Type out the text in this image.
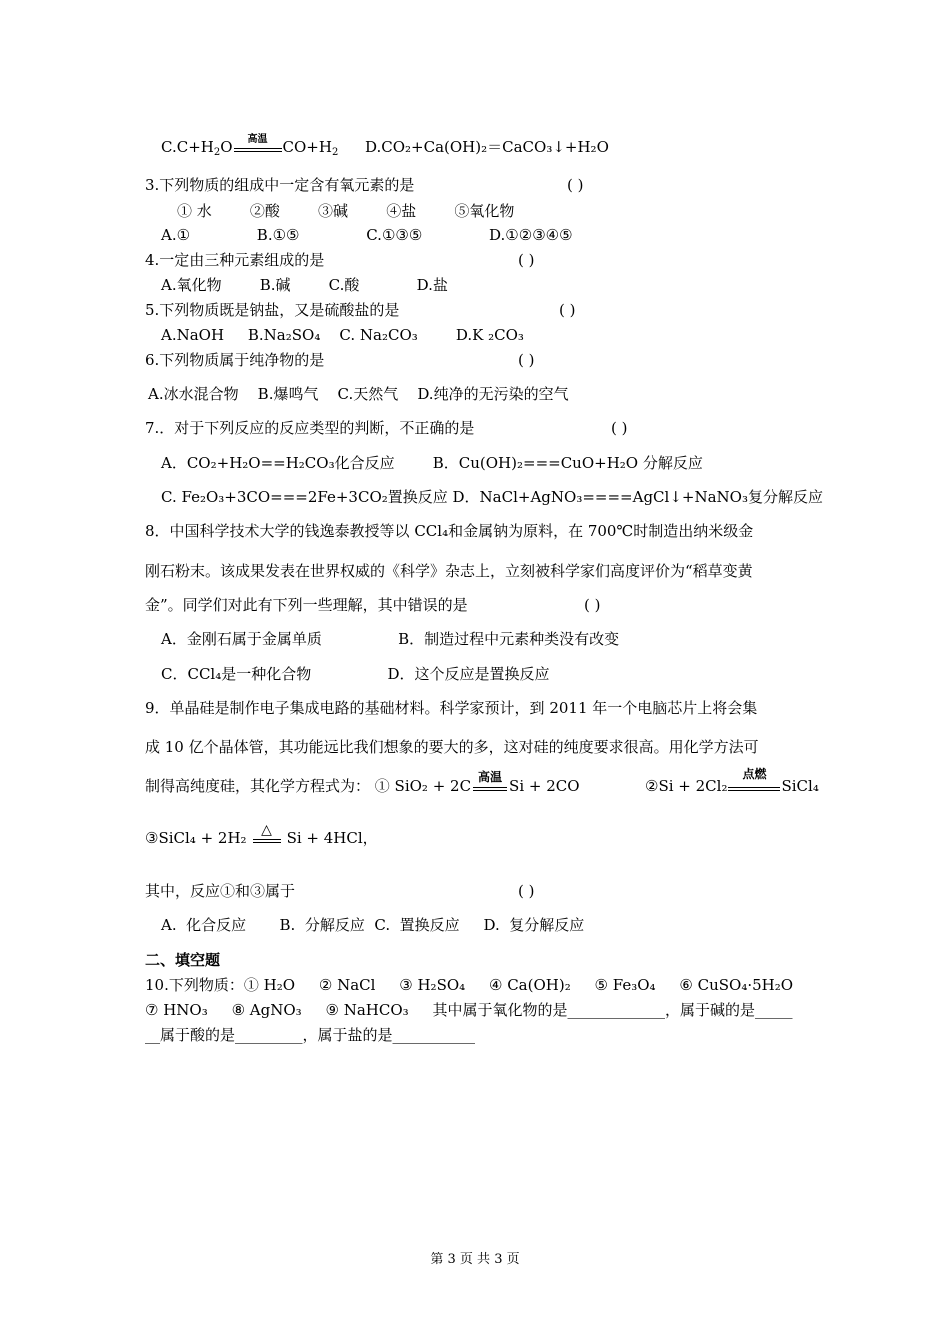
$C.C+H_2O$	高温	$CO+H_2$ D.CO₂+Ca(OH)₂＝CaCO₃↓+H₂O
3.下列物质的组成中一定含有氧元素的是	( )
① 水        ②酸        ③碱        ④盐        ⑤氧化物
A.①              B.①⑤              C.①③⑤              D.①②③④⑤
4.一定由三种元素组成的是	( )
A.氧化物        B.碱        C.酸            D.盐
5.下列物质既是钠盐，又是硫酸盐的是	( )
A.NaOH     B.Na₂SO₄    C. Na₂CO₃        D.K ₂CO₃
6.下列物质属于纯净物的是	( )
A.冰水混合物    B.爆鸣气    C.天然气    D.纯净的无污染的空气
7.．对于下列反应的反应类型的判断，不正确的是	( )
A．CO₂+H₂O==H₂CO₃化合反应        B．Cu(OH)₂===CuO+H₂O 分解反应
C. Fe₂O₃+3CO===2Fe+3CO₂置换反应 D．NaCl+AgNO₃====AgCl↓+NaNO₃复分解反应
8．中国科学技术大学的钱逸泰教授等以 CCl₄和金属钠为原料，在 700℃时制造出纳米级金
刚石粉末。该成果发表在世界权威的《科学》杂志上，立刻被科学家们高度评价为“稻草变黄
金”。同学们对此有下列一些理解，其中错误的是	( )
A．金刚石属于金属单质                B．制造过程中元素种类没有改变
C．CCl₄是一种化合物                D．这个反应是置换反应
9．单晶硅是制作电子集成电路的基础材料。科学家预计，到 2011 年一个电脑芯片上将会集
成 10 亿个晶体管，其功能远比我们想象的要大的多，这对硅的纯度要求很高。用化学方法可
制得高纯度硅，其化学方程式为： ① SiO₂ + 2C 高温 Si + 2CO	②Si + 2Cl₂
点燃
SiCl₄
③SiCl₄ + 2H₂	△ Si + 4HCl，
其中，反应①和③属于	( )
A.  化合反应       B.  分解反应  C.  置换反应     D.  复分解反应
二、填空题
10.下列物质：① H₂O     ② NaCl     ③ H₂SO₄     ④ Ca(OH)₂     ⑤ Fe₃O₄     ⑥ CuSO₄·5H₂O
⑦ HNO₃     ⑧ AgNO₃     ⑨ NaHCO₃     其中属于氧化物的是_____________，属于碱的是_____
__属于酸的是_________，属于盐的是___________
第 3 页 共 3 页
